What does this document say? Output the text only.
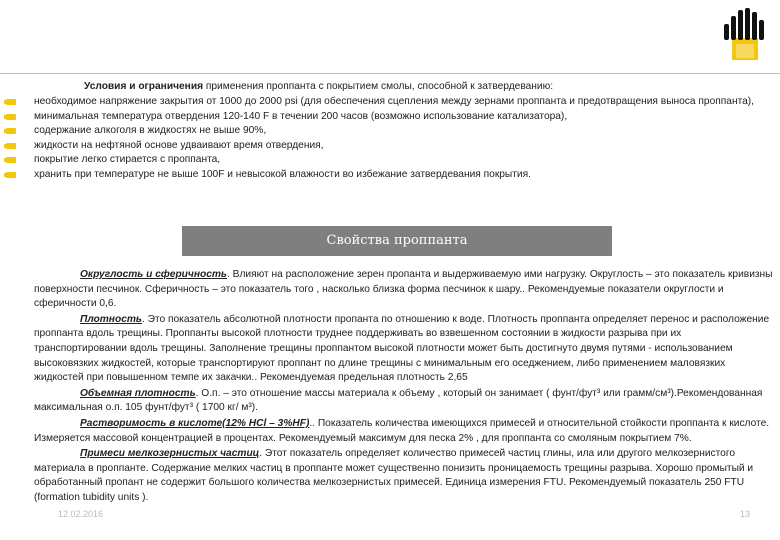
Условия и ограничения применения проппанта с покрытием смолы, способной к затвердеванию:
необходимое напряжение закрытия от 1000 до 2000 psi (для обеспечения сцепления между зернами проппанта и предотвращения выноса проппанта),
минимальная температура отвердения 120-140 F в течении 200 часов (возможно использование катализатора),
содержание алкоголя в жидкостях не выше 90%,
жидкости на нефтяной основе удваивают время отвердения,
покрытие легко стирается с проппанта,
хранить при температуре не выше 100F и невысокой влажности во избежание затвердевания покрытия.
Свойства проппанта
Округлость и сферичность. Влияют на расположение зерен пропанта и выдерживаемую ими нагрузку. Округлость – это показатель кривизны поверхности песчинок. Сферичность – это показатель того , насколько близка форма песчинок к шару.. Рекомендуемые показатели округлости и сферичности 0,6.
Плотность. Это показатель абсолютной плотности пропанта по отношению к воде. Плотность проппанта определяет перенос и расположение проппанта вдоль трещины. Проппанты высокой плотности труднее поддерживать во взвешенном состоянии в жидкости разрыва при их транспортировании вдоль трещины. Заполнение трещины проппантом высокой плотности может быть достигнуто двумя путями - использованием высоковязких жидкостей, которые транспортируют проппант по длине трещины с минимальным его оседжением, либо применением маловязких жидкостей при повышенном темпе их закачки.. Рекомендуемая предельная плотность 2,65
Объемная плотность. О.п. – это отношение массы материала к объему , который он занимает ( фунт/фут³ или грамм/см³).Рекомендованная максимальная о.п. 105 фунт/фут³ ( 1700 кг/ м³).
Растворимость в кислоте(12% HCl – 3%HF).. Показатель количества имеющихся примесей и относительной стойкости проппанта к кислоте. Измеряется массовой концентрацией в процентах. Рекомендуемый максимум для песка 2% , для проппанта со смоляным покрытием 7%.
Примеси мелкозернистых частиц. Этот показатель определяет количество примесей частиц глины, ила или другого мелкозернистого материала в проппанте. Содержание мелких частиц в проппанте может существенно понизить проницаемость трещины разрыва. Хорошо промытый и обработанный пропант не содержит большого количества мелкозернистых примесей. Единица измерения FTU. Рекомендуемый показатель 250 FTU (formation tubidity units ).
12.02.2016	13
